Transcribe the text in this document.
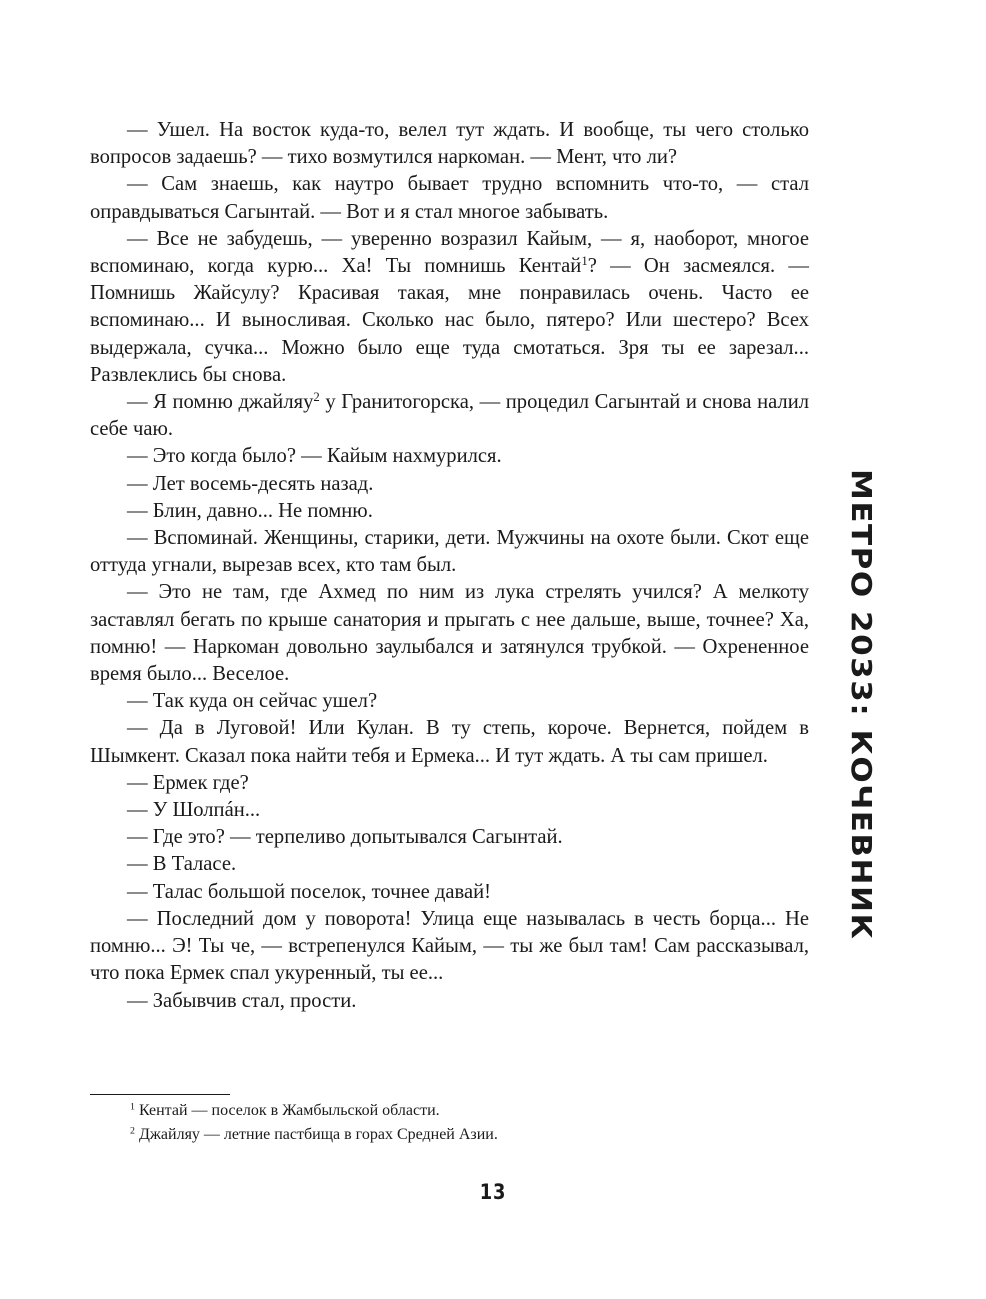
— Ушел. На восток куда-то, велел тут ждать. И вообще, ты чего столько вопросов задаешь? — тихо возмутился наркоман. — Мент, что ли?

— Сам знаешь, как наутро бывает трудно вспомнить что-то, — стал оправдываться Сагынтай. — Вот и я стал многое забывать.

— Все не забудешь, — уверенно возразил Кайым, — я, наоборот, многое вспоминаю, когда курю... Ха! Ты помнишь Кентай$^1$? — Он засмеялся. — Помнишь Жайсулу? Красивая такая, мне понравилась очень. Часто ее вспоминаю... И выносливая. Сколько нас было, пятеро? Или шестеро? Всех выдержала, сучка... Можно было еще туда смотаться. Зря ты ее зарезал... Развлеклись бы снова.

— Я помню джайляу$^2$ у Гранитогорска, — процедил Сагынтай и снова налил себе чаю.

— Это когда было? — Кайым нахмурился.

— Лет восемь-десять назад.

— Блин, давно... Не помню.

— Вспоминай. Женщины, старики, дети. Мужчины на охоте были. Скот еще оттуда угнали, вырезав всех, кто там был.

— Это не там, где Ахмед по ним из лука стрелять учился? А мелкоту заставлял бегать по крыше санатория и прыгать с нее дальше, выше, точнее? Ха, помню! — Наркоман довольно заулыбался и затянулся трубкой. — Охрененное время было... Веселое.

— Так куда он сейчас ушел?

— Да в Луговой! Или Кулан. В ту степь, короче. Вернется, пойдем в Шымкент. Сказал пока найти тебя и Ермека... И тут ждать. А ты сам пришел.

— Ермек где?

— У Шолпáн...

— Где это? — терпеливо допытывался Сагынтай.

— В Таласе.

— Талас большой поселок, точнее давай!

— Последний дом у поворота! Улица еще называлась в честь борца... Не помню... Э! Ты че, — встрепенулся Кайым, — ты же был там! Сам рассказывал, что пока Ермек спал укуренный, ты ее...

— Забывчив стал, прости.

$^1$ Кентай — поселок в Жамбыльской области.

$^2$ Джайляу — летние пастбища в горах Средней Азии.

МЕТРО 2033: КОЧЕВНИК
13
